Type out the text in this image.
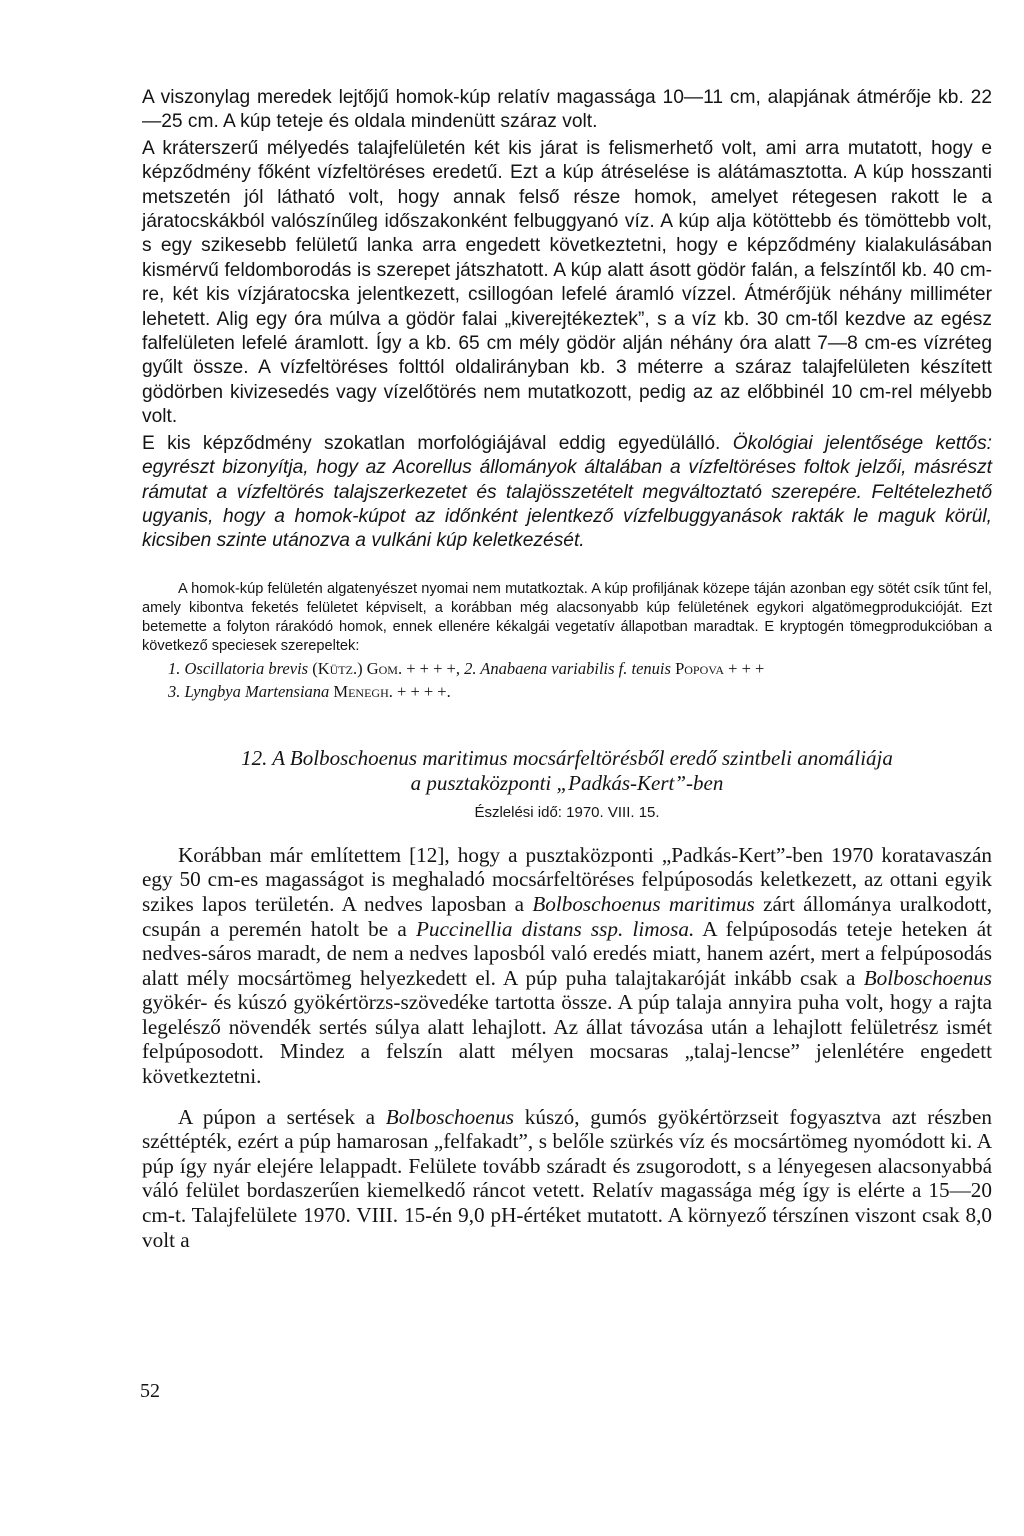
A viszonylag meredek lejtőjű homok-kúp relatív magassága 10—11 cm, alapjának átmérője kb. 22—25 cm. A kúp teteje és oldala mindenütt száraz volt.

A kráterszerű mélyedés talajfelületén két kis járat is felismerhető volt, ami arra mutatott, hogy e képződmény főként vízfeltöréses eredetű. Ezt a kúp átréselése is alátámasztotta. A kúp hosszanti metszetén jól látható volt, hogy annak felső része homok, amelyet rétegesen rakott le a járatocskákból valószínűleg időszakonként felbuggyanó víz. A kúp alja kötöttebb és tömöttebb volt, s egy szikesebb felületű lanka arra engedett következtetni, hogy e képződmény kialakulásában kismérvű feldomborodás is szerepet játszhatott. A kúp alatt ásott gödör falán, a felszíntől kb. 40 cm-re, két kis vízjáratocska jelentkezett, csillogóan lefelé áramló vízzel. Átmérőjük néhány milliméter lehetett. Alig egy óra múlva a gödör falai „kiverejtékeztek”, s a víz kb. 30 cm-től kezdve az egész falfelületen lefelé áramlott. Így a kb. 65 cm mély gödör alján néhány óra alatt 7—8 cm-es vízréteg gyűlt össze. A vízfeltöréses folttól oldalirányban kb. 3 méterre a száraz talajfelületen készített gödörben kivizesedés vagy vízelőtörés nem mutatkozott, pedig az az előbbinél 10 cm-rel mélyebb volt.

E kis képződmény szokatlan morfológiájával eddig egyedülálló. Ökológiai jelentősége kettős: egyrészt bizonyítja, hogy az Acorellus állományok általában a vízfeltöréses foltok jelzői, másrészt rámutat a vízfeltörés talajszerkezetet és talajösszetételt megváltoztató szerepére. Feltételezhető ugyanis, hogy a homok-kúpot az időnként jelentkező vízfelbuggyanások rakták le maguk körül, kicsiben szinte utánozva a vulkáni kúp keletkezését.

A homok-kúp felületén algatenyészet nyomai nem mutatkoztak. A kúp profiljának közepe táján azonban egy sötét csík tűnt fel, amely kibontva feketés felületet képviselt, a korábban még alacsonyabb kúp felületének egykori algatömegprodukcióját. Ezt betemette a folyton rárakódó homok, ennek ellenére kékalgái vegetatív állapotban maradtak. E kryptogén tömegprodukcióban a következő speciesek szerepeltek:

1. Oscillatoria brevis (Kütz.) Gom. + + + +, 2. Anabaena variabilis f. tenuis Popova + + +
3. Lyngbya Martensiana Menegh. + + + +.
12. A Bolboschoenus maritimus mocsárfeltörésből eredő szintbeli anomáliája
a pusztaközponti „Padkás-Kert”-ben
Észlelési idő: 1970. VIII. 15.

Korábban már említettem [12], hogy a pusztaközponti „Padkás-Kert”-ben 1970 koratavaszán egy 50 cm-es magasságot is meghaladó mocsárfeltöréses felpúposodás keletkezett, az ottani egyik szikes lapos területén. A nedves laposban a Bolboschoenus maritimus zárt állománya uralkodott, csupán a peremén hatolt be a Puccinellia distans ssp. limosa. A felpúposodás teteje heteken át nedves-sáros maradt, de nem a nedves laposból való eredés miatt, hanem azért, mert a felpúposodás alatt mély mocsártömeg helyezkedett el. A púp puha talajtakaróját inkább csak a Bolboschoenus gyökér- és kúszó gyökértörzs-szövedéke tartotta össze. A púp talaja annyira puha volt, hogy a rajta legelésző növendék sertés súlya alatt lehajlott. Az állat távozása után a lehajlott felületrész ismét felpúposodott. Mindez a felszín alatt mélyen mocsaras „talaj-lencse” jelenlétére engedett következtetni.

A púpon a sertések a Bolboschoenus kúszó, gumós gyökértörzseit fogyasztva azt részben széttépték, ezért a púp hamarosan „felfakadt”, s belőle szürkés víz és mocsártömeg nyomódott ki. A púp így nyár elejére lelappadt. Felülete tovább száradt és zsugorodott, s a lényegesen alacsonyabbá váló felület bordaszerűen kiemelkedő ráncot vetett. Relatív magassága még így is elérte a 15—20 cm-t. Talajfelülete 1970. VIII. 15-én 9,0 pH-értéket mutatott. A környező térszínen viszont csak 8,0 volt a

52
